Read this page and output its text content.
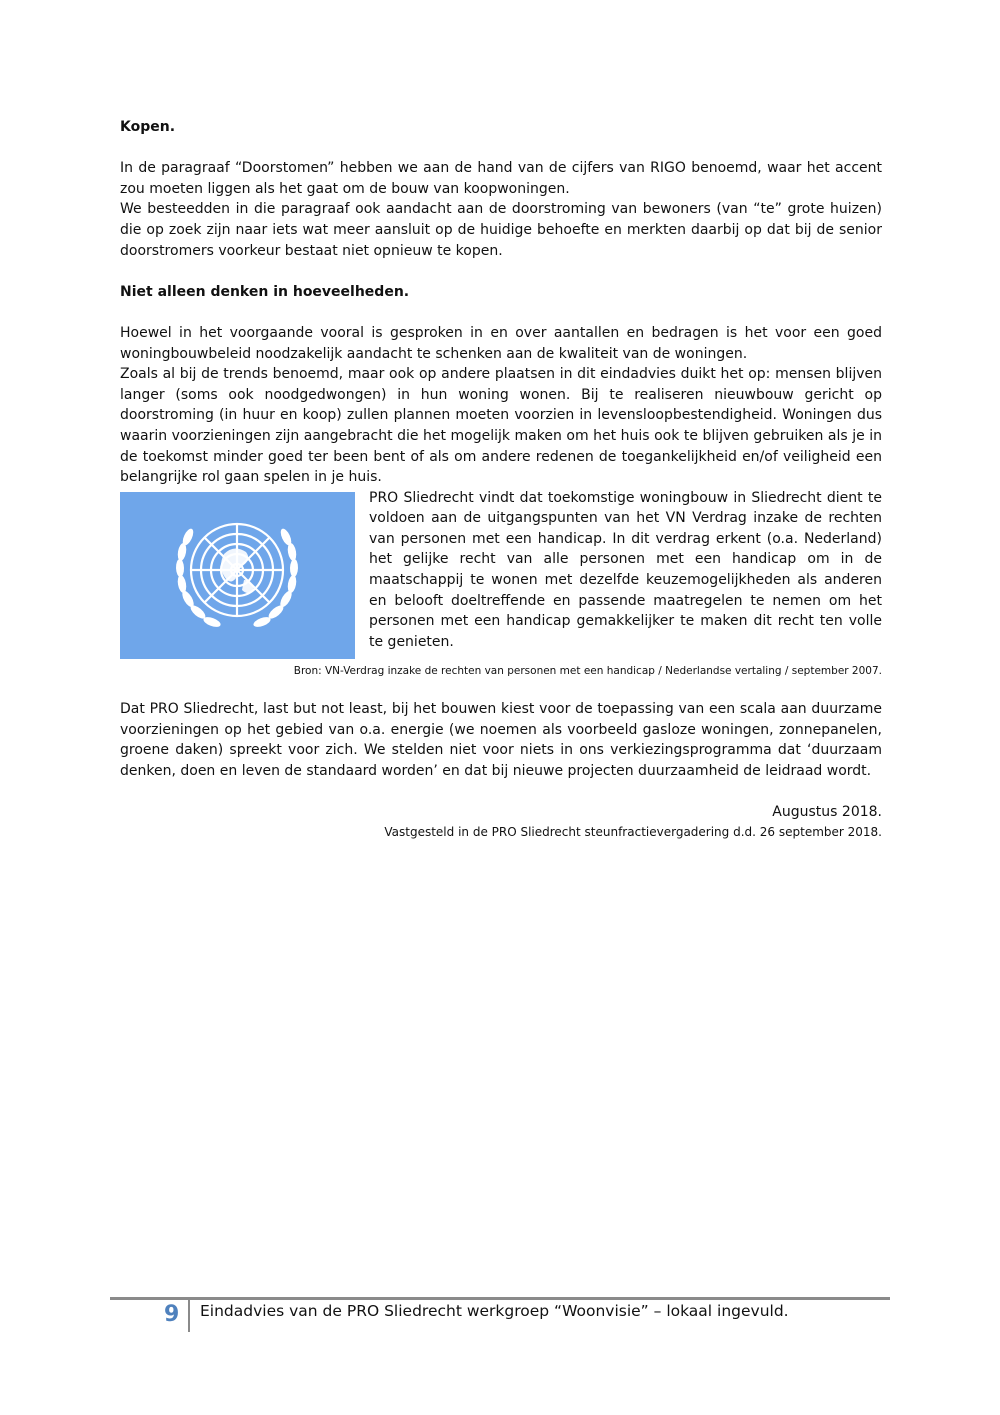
Kopen.

In de paragraaf “Doorstomen” hebben we aan de hand van de cijfers van RIGO benoemd, waar het accent zou moeten liggen als het gaat om de bouw van koopwoningen.

We besteedden in die paragraaf ook aandacht aan de doorstroming van bewoners (van “te” grote huizen) die op zoek zijn naar iets wat meer aansluit op de huidige behoefte en merkten daarbij op dat bij de senior doorstromers voorkeur bestaat niet opnieuw te kopen.

Niet alleen denken in hoeveelheden.

Hoewel in het voorgaande vooral is gesproken in en over aantallen en bedragen is het voor een goed woningbouwbeleid noodzakelijk aandacht te schenken aan de kwaliteit van de woningen.

Zoals al bij de trends benoemd, maar ook op andere plaatsen in dit eindadvies duikt het op: mensen blijven langer (soms ook noodgedwongen) in hun woning wonen. Bij te realiseren nieuwbouw gericht op doorstroming (in huur en koop) zullen plannen moeten voorzien in levensloopbestendigheid. Woningen dus waarin voorzieningen zijn aangebracht die het mogelijk maken om het huis ook te blijven gebruiken als je in de toekomst minder goed ter been bent of als om andere redenen de toegankelijkheid en/of veiligheid een belangrijke rol gaan spelen in je huis.

PRO Sliedrecht vindt dat toekomstige woningbouw in Sliedrecht dient te voldoen aan de uitgangspunten van het VN Verdrag inzake de rechten van personen met een handicap. In dit verdrag erkent (o.a. Nederland) het gelijke recht van alle personen met een handicap om in de maatschappij te wonen met dezelfde keuzemogelijkheden als anderen en belooft doeltreffende en passende maatregelen te nemen om het personen met een handicap gemakkelijker te maken dit recht ten volle te genieten.

Bron: VN-Verdrag inzake de rechten van personen met een handicap / Nederlandse vertaling / september 2007.

Dat PRO Sliedrecht, last but not least, bij het bouwen kiest voor de toepassing van een scala aan duurzame voorzieningen op het gebied van o.a. energie (we noemen als voorbeeld gasloze woningen, zonnepanelen, groene daken) spreekt voor zich. We stelden niet voor niets in ons verkiezingsprogramma dat ‘duurzaam denken, doen en leven de standaard worden’ en dat bij nieuwe projecten duurzaamheid de leidraad wordt.

Augustus 2018.

Vastgesteld in de PRO Sliedrecht steunfractievergadering d.d. 26 september 2018.

9 Eindadvies van de PRO Sliedrecht werkgroep “Woonvisie” – lokaal ingevuld.
